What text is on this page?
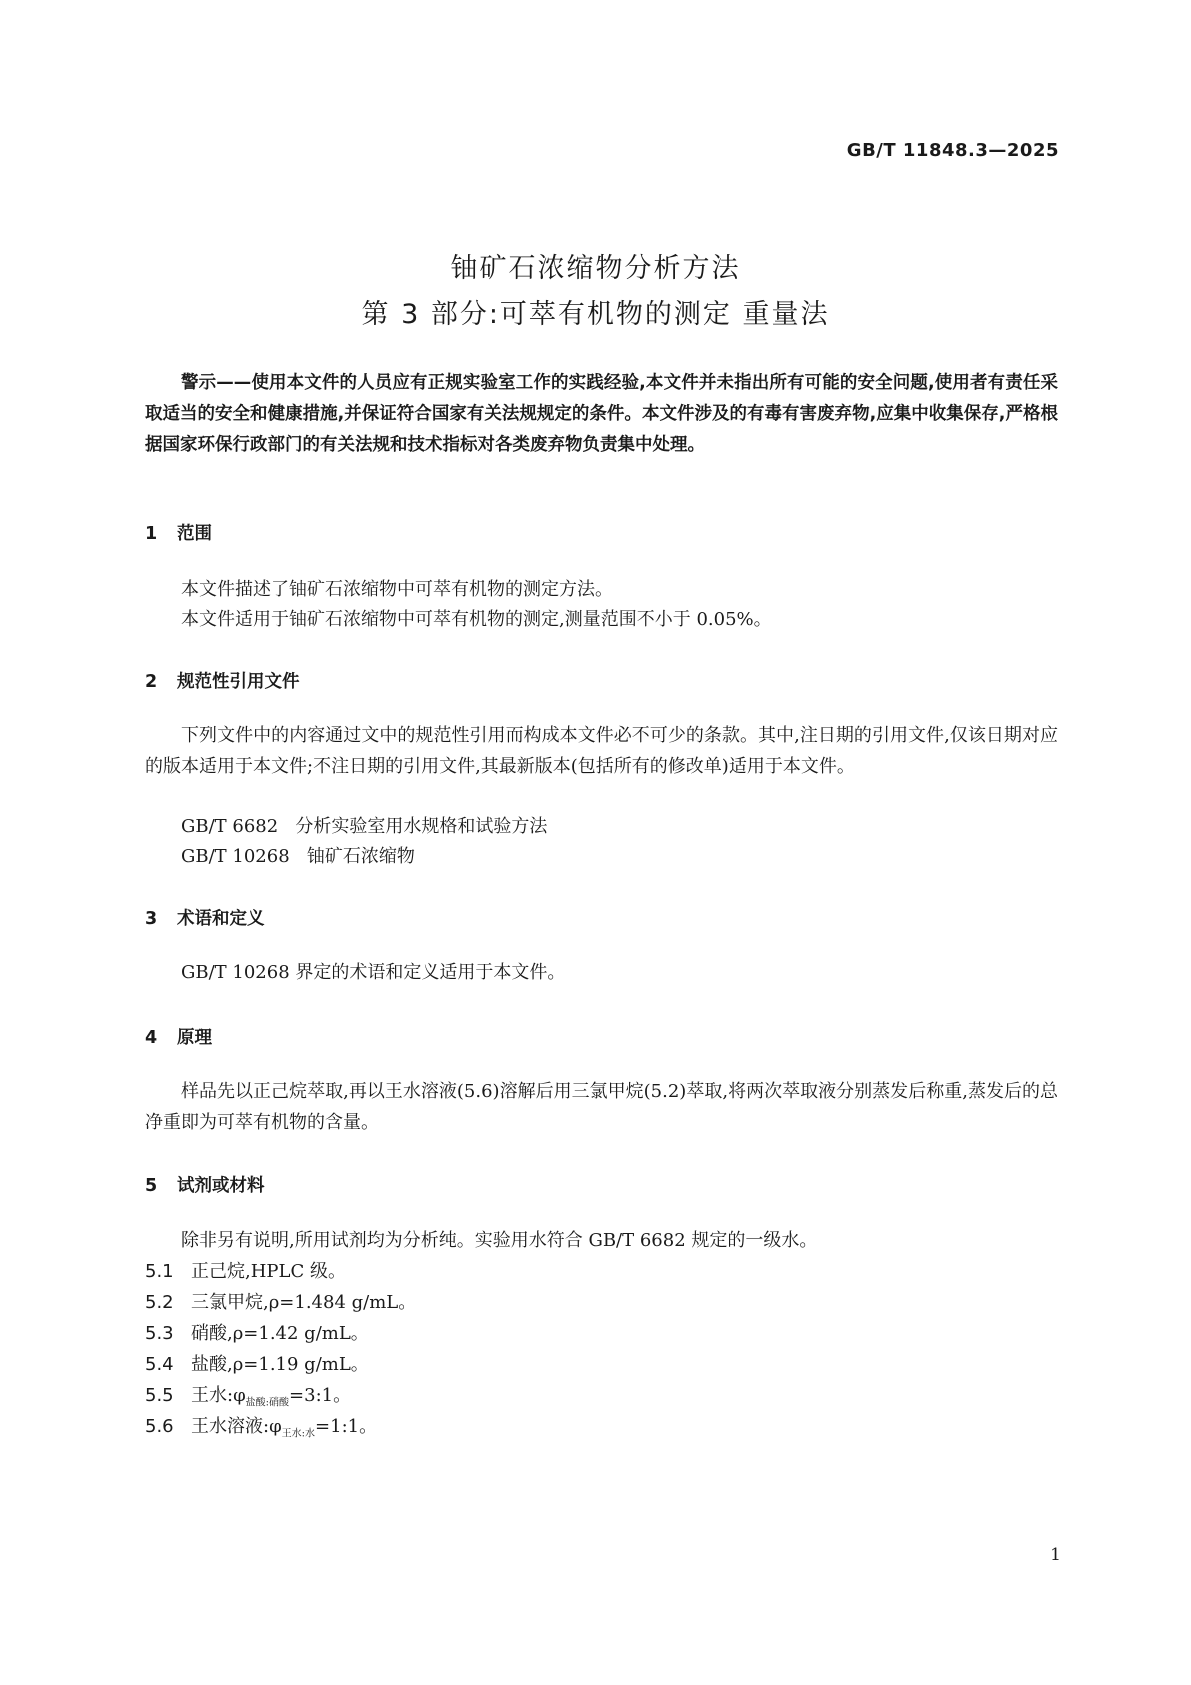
GB/T 11848.3—2025
铀矿石浓缩物分析方法
第 3 部分:可萃有机物的测定 重量法

警示——使用本文件的人员应有正规实验室工作的实践经验,本文件并未指出所有可能的安全问题,使用者有责任采取适当的安全和健康措施,并保证符合国家有关法规规定的条件。本文件涉及的有毒有害废弃物,应集中收集保存,严格根据国家环保行政部门的有关法规和技术指标对各类废弃物负责集中处理。

1 范围
本文件描述了铀矿石浓缩物中可萃有机物的测定方法。
本文件适用于铀矿石浓缩物中可萃有机物的测定,测量范围不小于 0.05%。
2 规范性引用文件

下列文件中的内容通过文中的规范性引用而构成本文件必不可少的条款。其中,注日期的引用文件,仅该日期对应的版本适用于本文件;不注日期的引用文件,其最新版本(包括所有的修改单)适用于本文件。

GB/T 6682   分析实验室用水规格和试验方法
GB/T 10268   铀矿石浓缩物
3 术语和定义
GB/T 10268 界定的术语和定义适用于本文件。
4 原理

样品先以正己烷萃取,再以王水溶液(5.6)溶解后用三氯甲烷(5.2)萃取,将两次萃取液分别蒸发后称重,蒸发后的总净重即为可萃有机物的含量。

5 试剂或材料
除非另有说明,所用试剂均为分析纯。实验用水符合 GB/T 6682 规定的一级水。
5.1 正己烷,HPLC 级。
5.2 三氯甲烷,ρ=1.484 g/mL。
5.3 硝酸,ρ=1.42 g/mL。
5.4 盐酸,ρ=1.19 g/mL。
5.5 王水$:\varphi_{盐酸:硝酸}=3:1$。
5.6 王水溶液$:\varphi_{王水:水}=1:1$。
1
